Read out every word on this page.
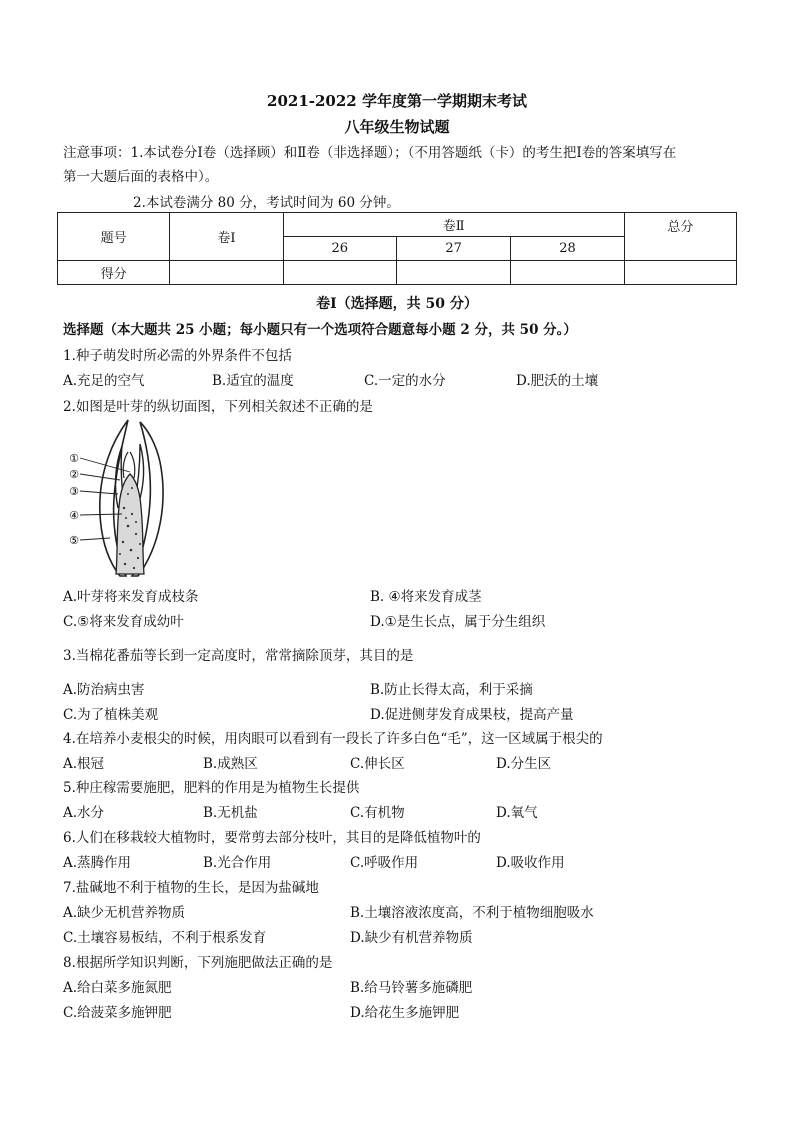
2021-2022 学年度第一学期期末考试
八年级生物试题
注意事项：1.本试卷分Ⅰ卷（选择顾）和Ⅱ卷（非选择题）；（不用答题纸（卡）的考生把Ⅰ卷的答案填写在
第一大题后面的表格中）。
2.本试卷满分 80 分，考试时间为 60 分钟。
题号	卷Ⅰ	卷Ⅱ			总分
		26	27	28	
得分					
卷Ⅰ（选择题，共 50 分）
选择题（本大题共 25 小题；每小题只有一个选项符合题意每小题 2 分，共 50 分。）
1.种子萌发时所必需的外界条件不包括
A.充足的空气	B.适宜的温度	C.一定的水分	D.肥沃的土壤
2.如图是叶芽的纵切面图，下列相关叙述不正确的是
①
②
③
④
⑤
A.叶芽将来发育成枝条	B. ④将来发育成茎
C.⑤将来发育成幼叶	D.①是生长点，属于分生组织
3.当棉花番茄等长到一定高度时，常常摘除顶芽，其目的是
A.防治病虫害	B.防止长得太高，利于采摘
C.为了植株美观	D.促进侧芽发育成果枝，提高产量
4.在培养小麦根尖的时候，用肉眼可以看到有一段长了许多白色“毛”，这一区域属于根尖的
A.根冠	B.成熟区	C.伸长区	D.分生区
5.种庄稼需要施肥，肥料的作用是为植物生长提供
A.水分	B.无机盐	C.有机物	D.氧气
6.人们在移栽较大植物时，要常剪去部分枝叶，其目的是降低植物叶的
A.蒸腾作用	B.光合作用	C.呼吸作用	D.吸收作用
7.盐碱地不利于植物的生长，是因为盐碱地
A.缺少无机营养物质	B.土壤溶液浓度高，不利于植物细胞吸水
C.土壤容易板结，不利于根系发育	D.缺少有机营养物质
8.根据所学知识判断，下列施肥做法正确的是
A.给白菜多施氮肥	B.给马铃薯多施磷肥
C.给菠菜多施钾肥	D.给花生多施钾肥
